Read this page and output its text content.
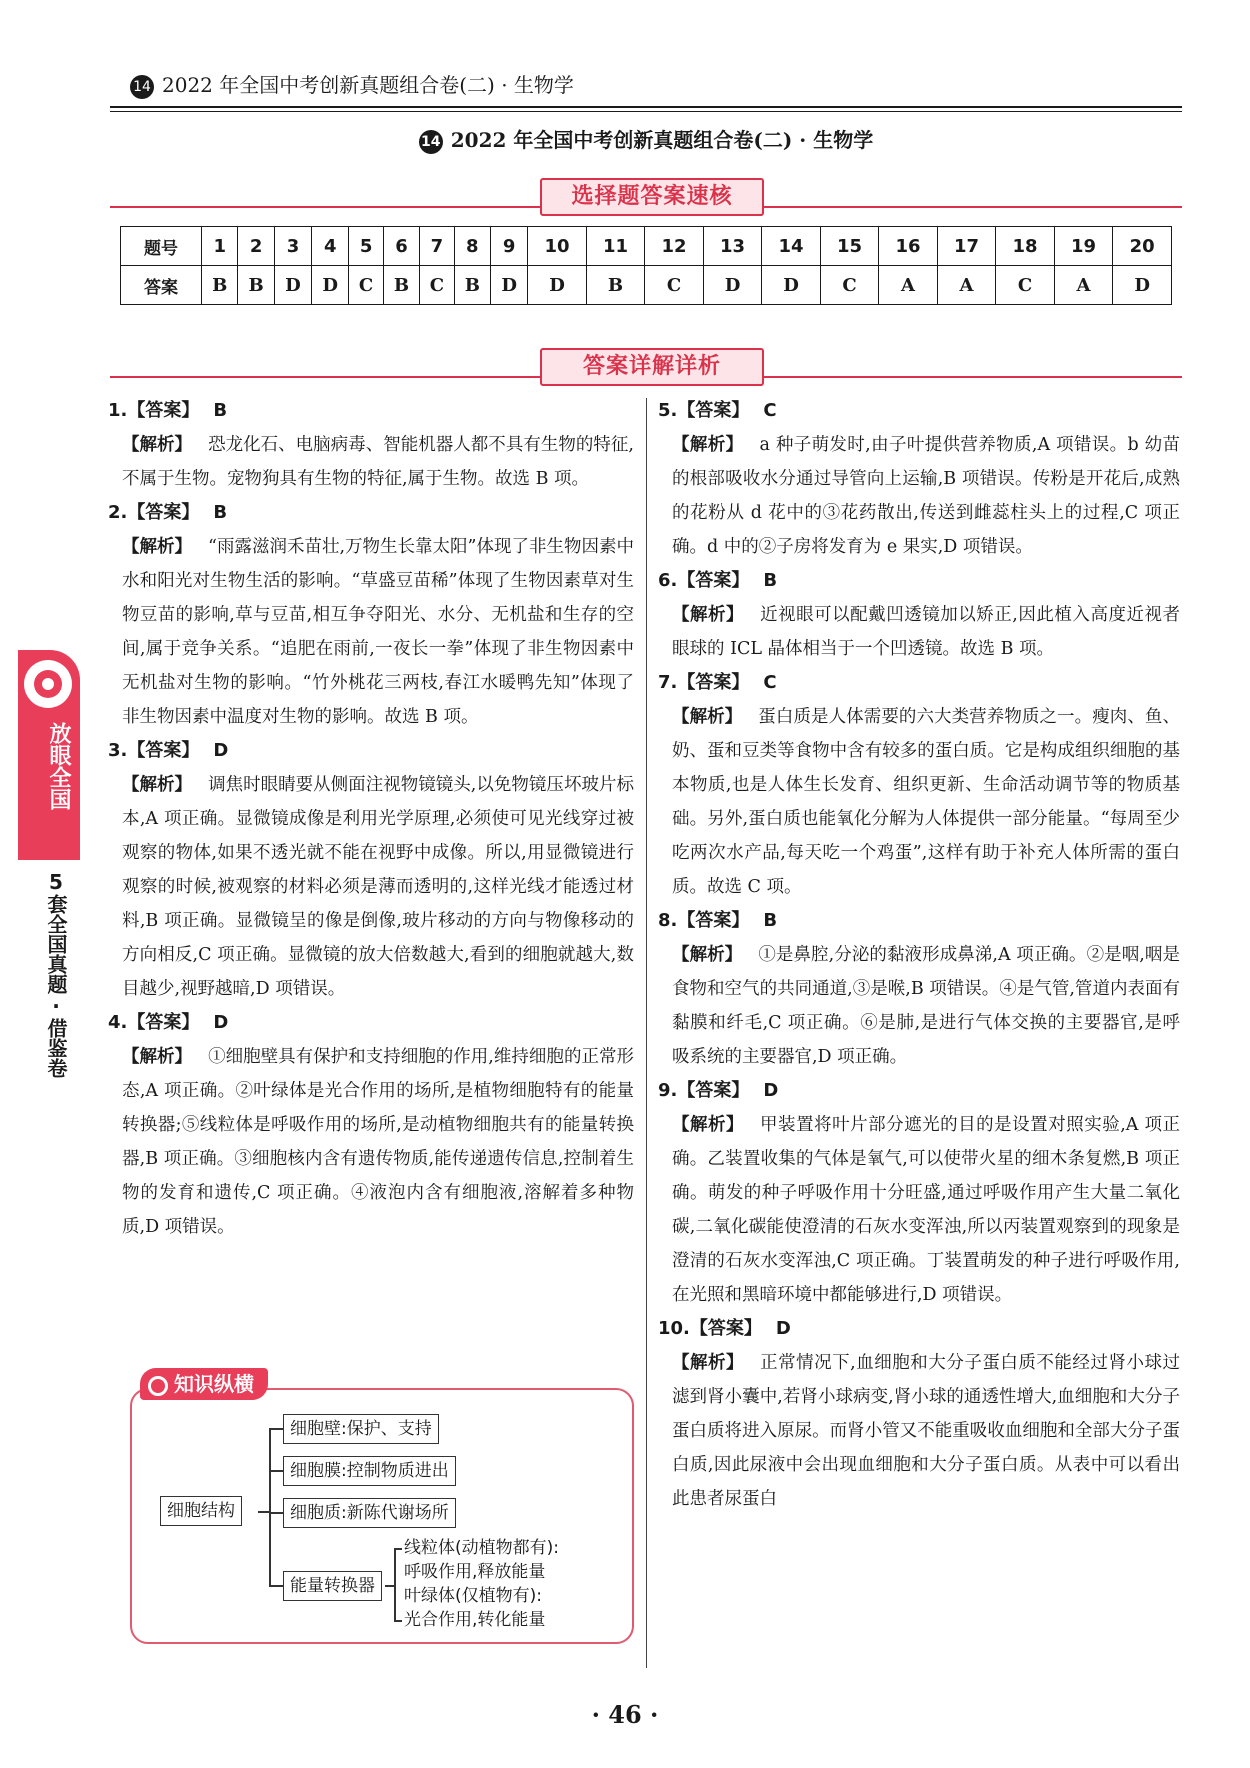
14 2022 年全国中考创新真题组合卷(二) · 生物学
14 2022 年全国中考创新真题组合卷(二) · 生物学
选择题答案速核
题号	1	2	3	4	5	6	7	8	9	10	11	12	13	14	15	16	17	18	19	20
答案	B	B	D	D	C	B	C	B	D	D	B	C	D	D	C	A	A	C	A	D
答案详解详析
1.【答案】 B

【解析】 恐龙化石、电脑病毒、智能机器人都不具有生物的特征,不属于生物。宠物狗具有生物的特征,属于生物。故选 B 项。

2.【答案】 B

【解析】 “雨露滋润禾苗壮,万物生长靠太阳”体现了非生物因素中水和阳光对生物生活的影响。“草盛豆苗稀”体现了生物因素草对生物豆苗的影响,草与豆苗,相互争夺阳光、水分、无机盐和生存的空间,属于竞争关系。“追肥在雨前,一夜长一拳”体现了非生物因素中无机盐对生物的影响。“竹外桃花三两枝,春江水暖鸭先知”体现了非生物因素中温度对生物的影响。故选 B 项。

3.【答案】 D

【解析】 调焦时眼睛要从侧面注视物镜镜头,以免物镜压坏玻片标本,A 项正确。显微镜成像是利用光学原理,必须使可见光线穿过被观察的物体,如果不透光就不能在视野中成像。所以,用显微镜进行观察的时候,被观察的材料必须是薄而透明的,这样光线才能透过材料,B 项正确。显微镜呈的像是倒像,玻片移动的方向与物像移动的方向相反,C 项正确。显微镜的放大倍数越大,看到的细胞就越大,数目越少,视野越暗,D 项错误。

4.【答案】 D

【解析】 ①细胞壁具有保护和支持细胞的作用,维持细胞的正常形态,A 项正确。②叶绿体是光合作用的场所,是植物细胞特有的能量转换器;⑤线粒体是呼吸作用的场所,是动植物细胞共有的能量转换器,B 项正确。③细胞核内含有遗传物质,能传递遗传信息,控制着生物的发育和遗传,C 项正确。④液泡内含有细胞液,溶解着多种物质,D 项错误。

5.【答案】 C

【解析】 a 种子萌发时,由子叶提供营养物质,A 项错误。b 幼苗的根部吸收水分通过导管向上运输,B 项错误。传粉是开花后,成熟的花粉从 d 花中的③花药散出,传送到雌蕊柱头上的过程,C 项正确。d 中的②子房将发育为 e 果实,D 项错误。

6.【答案】 B

【解析】 近视眼可以配戴凹透镜加以矫正,因此植入高度近视者眼球的 ICL 晶体相当于一个凹透镜。故选 B 项。

7.【答案】 C

【解析】 蛋白质是人体需要的六大类营养物质之一。瘦肉、鱼、奶、蛋和豆类等食物中含有较多的蛋白质。它是构成组织细胞的基本物质,也是人体生长发育、组织更新、生命活动调节等的物质基础。另外,蛋白质也能氧化分解为人体提供一部分能量。“每周至少吃两次水产品,每天吃一个鸡蛋”,这样有助于补充人体所需的蛋白质。故选 C 项。

8.【答案】 B

【解析】 ①是鼻腔,分泌的黏液形成鼻涕,A 项正确。②是咽,咽是食物和空气的共同通道,③是喉,B 项错误。④是气管,管道内表面有黏膜和纤毛,C 项正确。⑥是肺,是进行气体交换的主要器官,是呼吸系统的主要器官,D 项正确。

9.【答案】 D

【解析】 甲装置将叶片部分遮光的目的是设置对照实验,A 项正确。乙装置收集的气体是氧气,可以使带火星的细木条复燃,B 项正确。萌发的种子呼吸作用十分旺盛,通过呼吸作用产生大量二氧化碳,二氧化碳能使澄清的石灰水变浑浊,所以丙装置观察到的现象是澄清的石灰水变浑浊,C 项正确。丁装置萌发的种子进行呼吸作用,在光照和黑暗环境中都能够进行,D 项错误。

10.【答案】 D

【解析】 正常情况下,血细胞和大分子蛋白质不能经过肾小球过滤到肾小囊中,若肾小球病变,肾小球的通透性增大,血细胞和大分子蛋白质将进入原尿。而肾小管又不能重吸收血细胞和全部大分子蛋白质,因此尿液中会出现血细胞和大分子蛋白质。从表中可以看出此患者尿蛋白

知识纵横
细胞结构
细胞壁:保护、支持
细胞膜:控制物质进出
细胞质:新陈代谢场所
能量转换器
线粒体(动植物都有):
呼吸作用,释放能量
叶绿体(仅植物有):
光合作用,转化能量
放眼全国
5套全国真题·借鉴卷
· 46 ·
